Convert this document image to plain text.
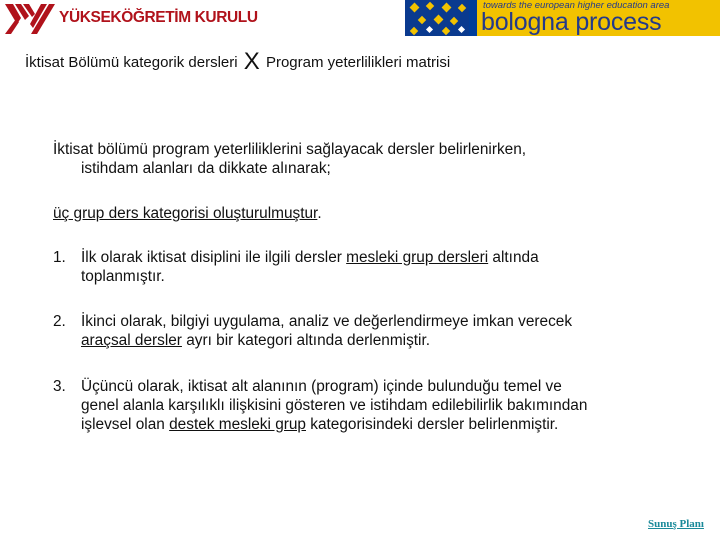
YÜKSEKÖĞRETİM KURULU
towards the european higher education area
bologna process
İktisat Bölümü kategorik dersleri X Program yeterlilikleri matrisi
İktisat bölümü program yeterliliklerini sağlayacak dersler belirlenirken,
istihdam alanları da dikkate alınarak;
üç grup ders kategorisi oluşturulmuştur.
1. İlk olarak iktisat disiplini ile ilgili dersler mesleki grup dersleri altında
toplanmıştır.
2. İkinci olarak, bilgiyi uygulama, analiz ve değerlendirmeye imkan verecek
araçsal dersler ayrı bir kategori altında derlenmiştir.
3. Üçüncü olarak, iktisat alt alanının (program) içinde bulunduğu temel ve
genel alanla karşılıklı ilişkisini gösteren ve istihdam edilebilirlik bakımından
işlevsel olan destek mesleki grup kategorisindeki dersler belirlenmiştir.
Sunuş Planı
